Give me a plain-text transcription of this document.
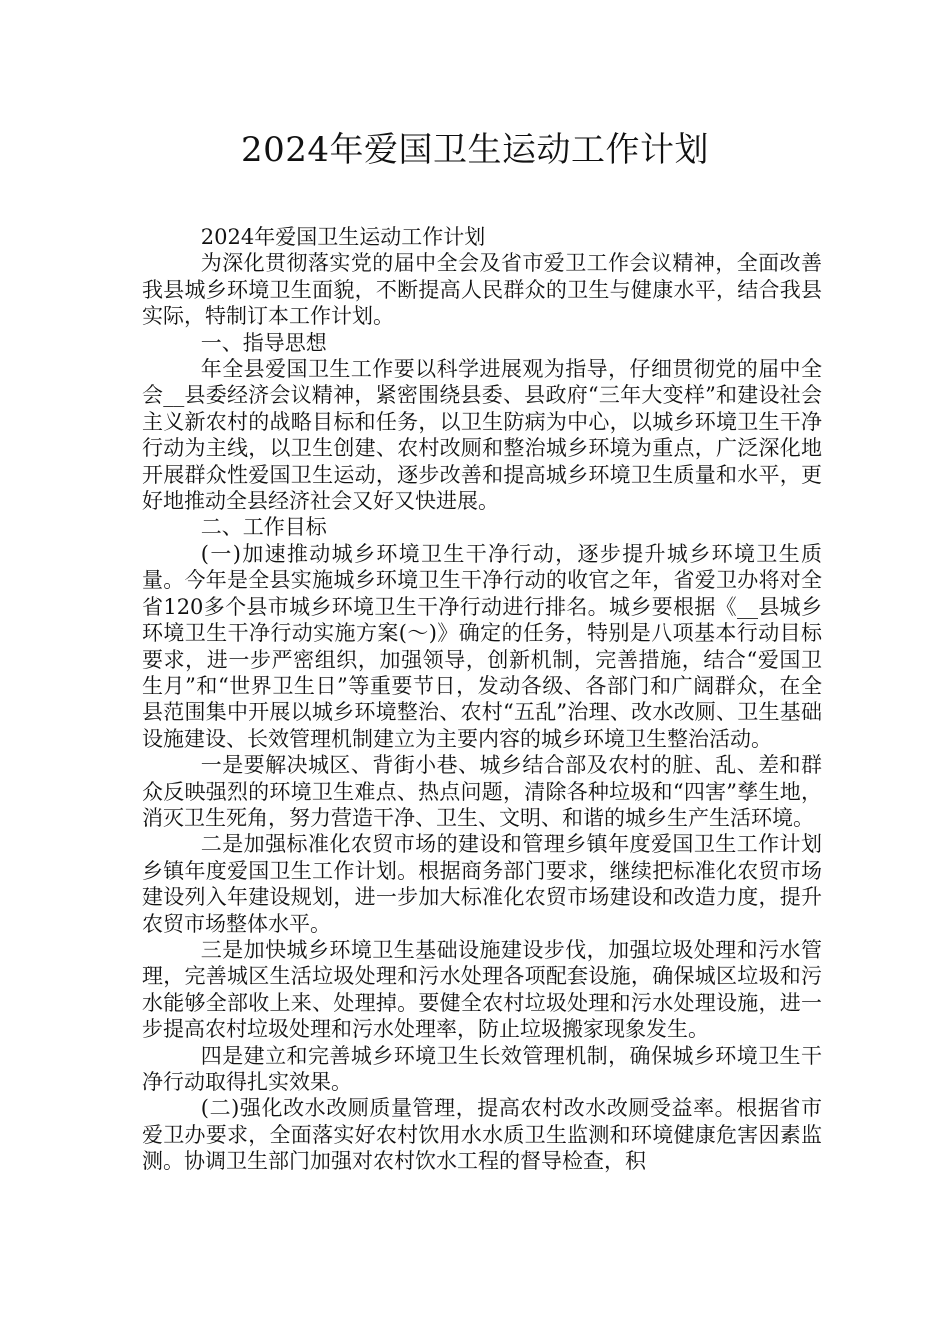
2024年爱国卫生运动工作计划

2024年爱国卫生运动工作计划

为深化贯彻落实党的届中全会及省市爱卫工作会议精神，全面改善我县城乡环境卫生面貌，不断提高人民群众的卫生与健康水平，结合我县实际，特制订本工作计划。

一、指导思想

年全县爱国卫生工作要以科学进展观为指导，仔细贯彻党的届中全会__县委经济会议精神，紧密围绕县委、县政府“三年大变样”和建设社会主义新农村的战略目标和任务，以卫生防病为中心，以城乡环境卫生干净行动为主线，以卫生创建、农村改厕和整治城乡环境为重点，广泛深化地开展群众性爱国卫生运动，逐步改善和提高城乡环境卫生质量和水平，更好地推动全县经济社会又好又快进展。

二、工作目标

(一)加速推动城乡环境卫生干净行动，逐步提升城乡环境卫生质量。今年是全县实施城乡环境卫生干净行动的收官之年，省爱卫办将对全省120多个县市城乡环境卫生干净行动进行排名。城乡要根据《__县城乡环境卫生干净行动实施方案(～)》确定的任务，特别是八项基本行动目标要求，进一步严密组织，加强领导，创新机制，完善措施，结合“爱国卫生月”和“世界卫生日”等重要节日，发动各级、各部门和广阔群众，在全县范围集中开展以城乡环境整治、农村“五乱”治理、改水改厕、卫生基础设施建设、长效管理机制建立为主要内容的城乡环境卫生整治活动。

一是要解决城区、背街小巷、城乡结合部及农村的脏、乱、差和群众反映强烈的环境卫生难点、热点问题，清除各种垃圾和“四害”孳生地，消灭卫生死角，努力营造干净、卫生、文明、和谐的城乡生产生活环境。

二是加强标准化农贸市场的建设和管理乡镇年度爱国卫生工作计划乡镇年度爱国卫生工作计划。根据商务部门要求，继续把标准化农贸市场建设列入年建设规划，进一步加大标准化农贸市场建设和改造力度，提升农贸市场整体水平。

三是加快城乡环境卫生基础设施建设步伐，加强垃圾处理和污水管理，完善城区生活垃圾处理和污水处理各项配套设施，确保城区垃圾和污水能够全部收上来、处理掉。要健全农村垃圾处理和污水处理设施，进一步提高农村垃圾处理和污水处理率，防止垃圾搬家现象发生。

四是建立和完善城乡环境卫生长效管理机制，确保城乡环境卫生干净行动取得扎实效果。

(二)强化改水改厕质量管理，提高农村改水改厕受益率。根据省市爱卫办要求，全面落实好农村饮用水水质卫生监测和环境健康危害因素监测。协调卫生部门加强对农村饮水工程的督导检查，积
